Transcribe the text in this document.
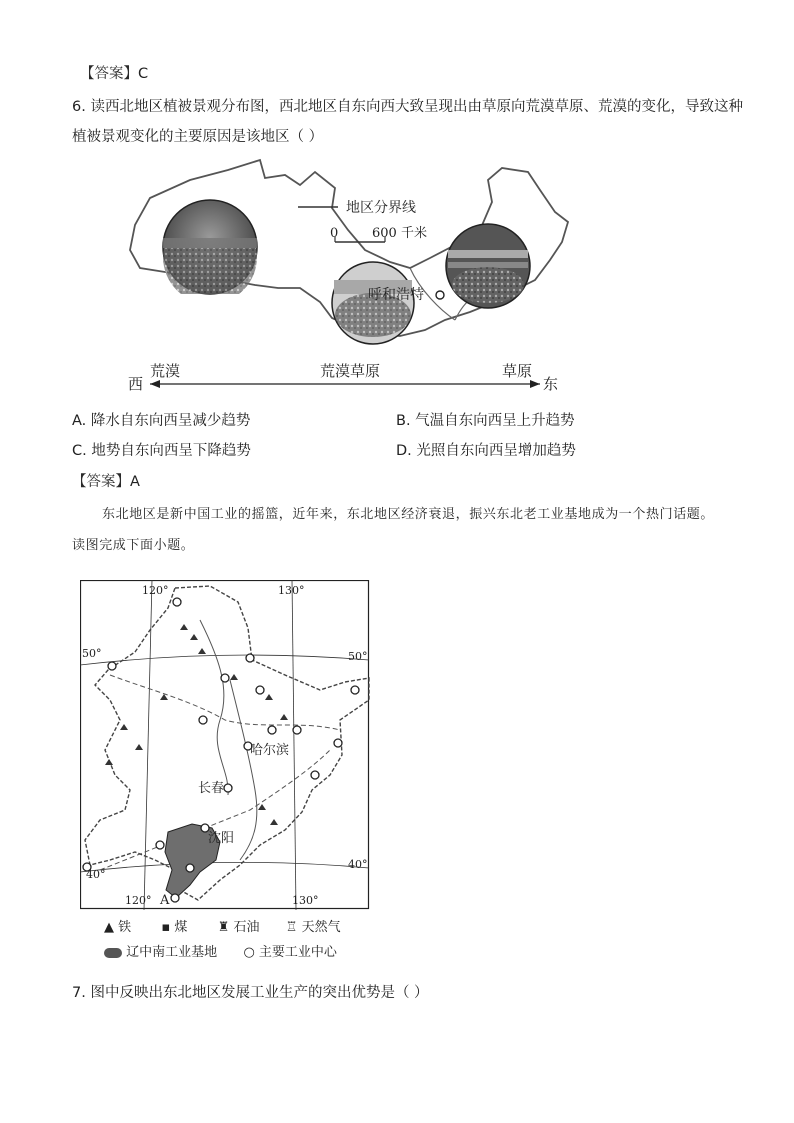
【答案】C
6. 读西北地区植被景观分布图，西北地区自东向西大致呈现出由草原向荒漠草原、荒漠的变化，导致这种
植被景观变化的主要原因是该地区（ ）
地区分界线
0	600 千米
呼和浩特
西	东
荒漠	荒漠草原	草原
A. 降水自东向西呈减少趋势	B. 气温自东向西呈上升趋势
C. 地势自东向西呈下降趋势	D. 光照自东向西呈增加趋势
【答案】A
东北地区是新中国工业的摇篮，近年来，东北地区经济衰退，振兴东北老工业基地成为一个热门话题。
读图完成下面小题。
120°	130°
50°	50°
40°
40°
120°	130°
哈尔滨
长春
沈阳
A
▲ 铁 ▪ 煤 ♜ 石油 ♖ 天然气
辽中南工业基地 ○ 主要工业中心
7. 图中反映出东北地区发展工业生产的突出优势是（ ）
